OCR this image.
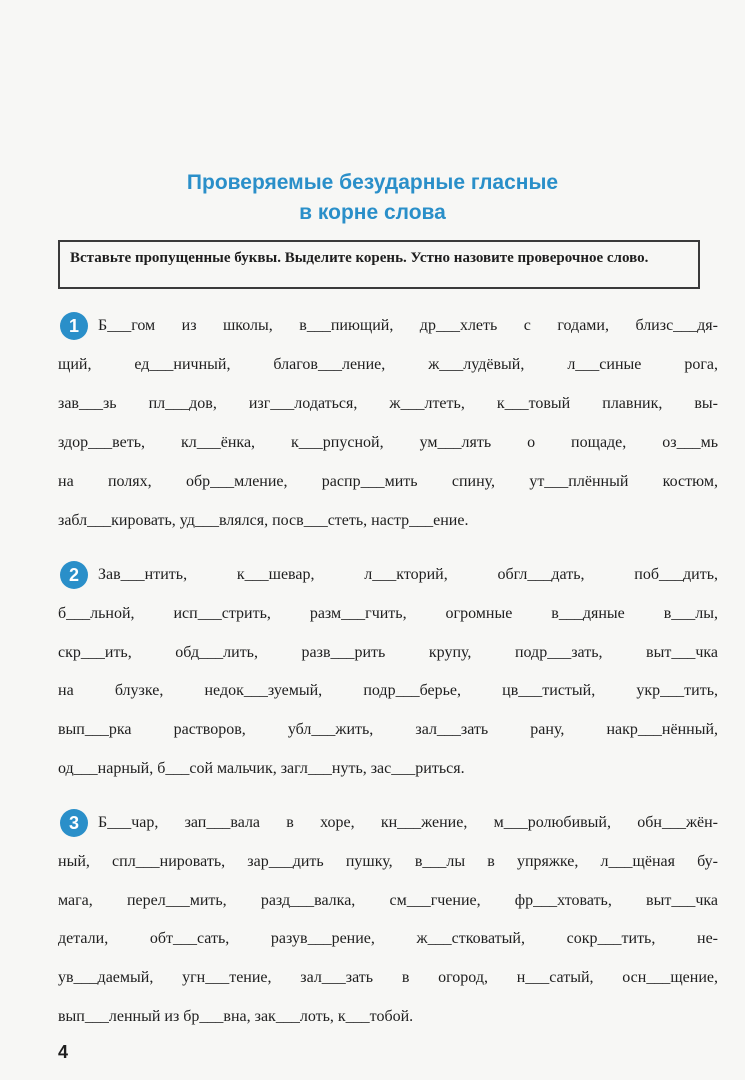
Проверяемые безударные гласные
в корне слова
Вставьте пропущенные буквы. Выделите корень. Устно назовите проверочное слово.
1	Б___гом из школы, в___пиющий, др___хлеть с годами, близс___дя-
щий, ед___ничный, благов___ление, ж___лудёвый, л___синые рога,
зав___зь пл___дов, изг___лодаться, ж___лтеть, к___товый плавник, вы-
здор___веть, кл___ёнка, к___рпусной, ум___лять о пощаде, оз___мь
на полях, обр___мление, распр___мить спину, ут___плённый костюм,
забл___кировать, уд___влялся, посв___стеть, настр___ение.
2	Зав___нтить, к___шевар, л___кторий, обгл___дать, поб___дить,
б___льной, исп___стрить, разм___гчить, огромные в___дяные в___лы,
скр___ить, обд___лить, разв___рить крупу, подр___зать, выт___чка
на блузке, недок___зуемый, подр___берье, цв___тистый, укр___тить,
вып___рка растворов, убл___жить, зал___зать рану, накр___нённый,
од___нарный, б___сой мальчик, загл___нуть, зас___риться.
3	Б___чар, зап___вала в хоре, кн___жение, м___ролюбивый, обн___жён-
ный, спл___нировать, зар___дить пушку, в___лы в упряжке, л___щёная бу-
мага, перел___мить, разд___валка, см___гчение, фр___хтовать, выт___чка
детали, обт___сать, разув___рение, ж___стковатый, сокр___тить, не-
ув___даемый, угн___тение, зал___зать в огород, н___сатый, осн___щение,
вып___ленный из бр___вна, зак___лоть, к___тобой.
4
